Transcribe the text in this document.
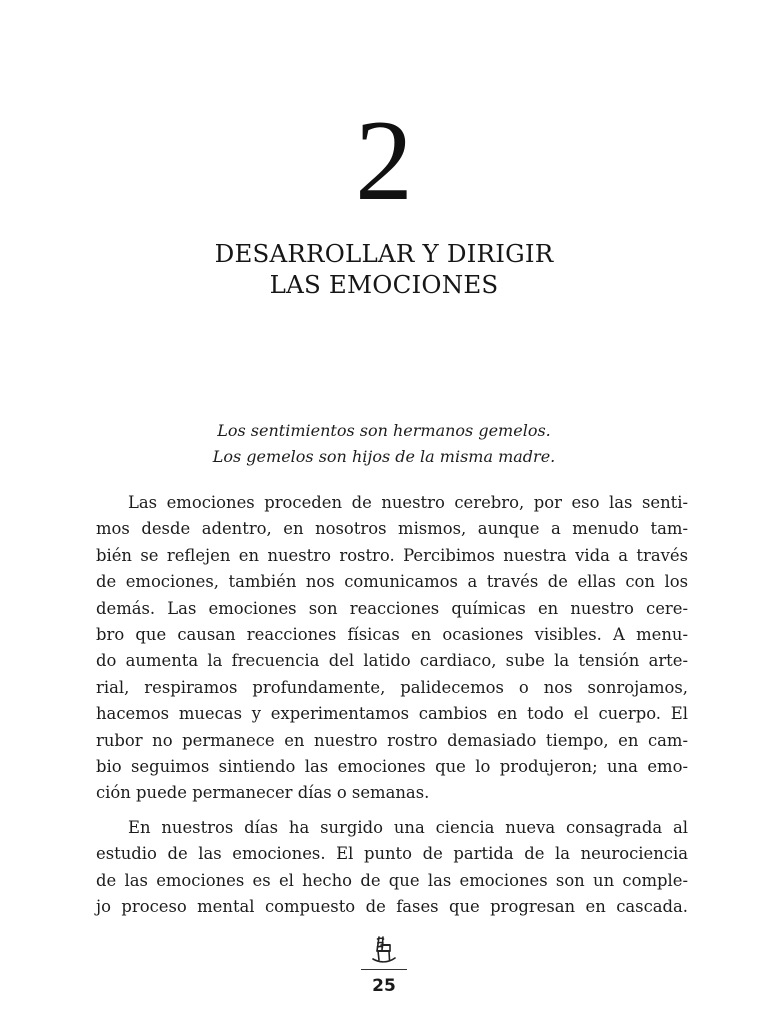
2
DESARROLLAR Y DIRIGIR
LAS EMOCIONES
Los sentimientos son hermanos gemelos.
Los gemelos son hijos de la misma madre.
Las emociones proceden de nuestro cerebro, por eso las senti-
mos desde adentro, en nosotros mismos, aunque a menudo tam-
bién se reflejen en nuestro rostro. Percibimos nuestra vida a través
de emociones, también nos comunicamos a través de ellas con los
demás. Las emociones son reacciones químicas en nuestro cere-
bro que causan reacciones físicas en ocasiones visibles. A menu-
do aumenta la frecuencia del latido cardiaco, sube la tensión arte-
rial, respiramos profundamente, palidecemos o nos sonrojamos,
hacemos muecas y experimentamos cambios en todo el cuerpo. El
rubor no permanece en nuestro rostro demasiado tiempo, en cam-
bio seguimos sintiendo las emociones que lo produjeron; una emo-
ción puede permanecer días o semanas.
En nuestros días ha surgido una ciencia nueva consagrada al
estudio de las emociones. El punto de partida de la neurociencia
de las emociones es el hecho de que las emociones son un comple-
jo proceso mental compuesto de fases que progresan en cascada.
25
